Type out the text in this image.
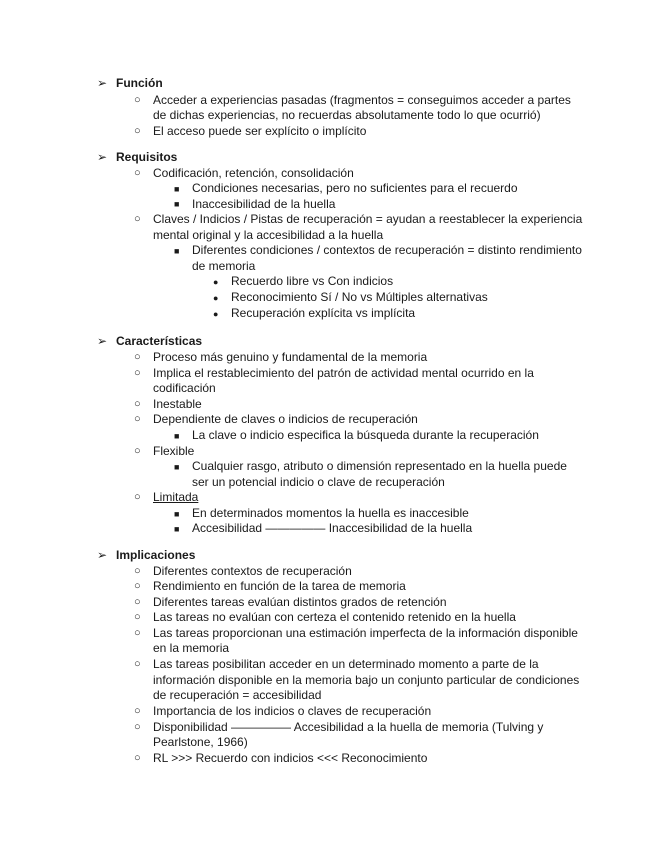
➢ Función
○ Acceder a experiencias pasadas (fragmentos = conseguimos acceder a partes
de dichas experiencias, no recuerdas absolutamente todo lo que ocurrió)
○ El acceso puede ser explícito o implícito
➢ Requisitos
○ Codificación, retención, consolidación
■ Condiciones necesarias, pero no suficientes para el recuerdo
■ Inaccesibilidad de la huella
○ Claves / Indicios / Pistas de recuperación = ayudan a reestablecer la experiencia
mental original y la accesibilidad a la huella
■ Diferentes condiciones / contextos de recuperación = distinto rendimiento
de memoria
● Recuerdo libre vs Con indicios
● Reconocimiento Sí / No vs Múltiples alternativas
● Recuperación explícita vs implícita
➢ Características
○ Proceso más genuino y fundamental de la memoria
○ Implica el restablecimiento del patrón de actividad mental ocurrido en la
codificación
○ Inestable
○ Dependiente de claves o indicios de recuperación
■ La clave o indicio especifica la búsqueda durante la recuperación
○ Flexible
■ Cualquier rasgo, atributo o dimensión representado en la huella puede
ser un potencial indicio o clave de recuperación
○ Limitada
■ En determinados momentos la huella es inaccesible
■ Accesibilidad ————— Inaccesibilidad de la huella
➢ Implicaciones
○ Diferentes contextos de recuperación
○ Rendimiento en función de la tarea de memoria
○ Diferentes tareas evalúan distintos grados de retención
○ Las tareas no evalúan con certeza el contenido retenido en la huella
○ Las tareas proporcionan una estimación imperfecta de la información disponible
en la memoria
○ Las tareas posibilitan acceder en un determinado momento a parte de la
información disponible en la memoria bajo un conjunto particular de condiciones
de recuperación = accesibilidad
○ Importancia de los indicios o claves de recuperación
○ Disponibilidad ————— Accesibilidad a la huella de memoria (Tulving y
Pearlstone, 1966)
○ RL >>> Recuerdo con indicios <<< Reconocimiento
